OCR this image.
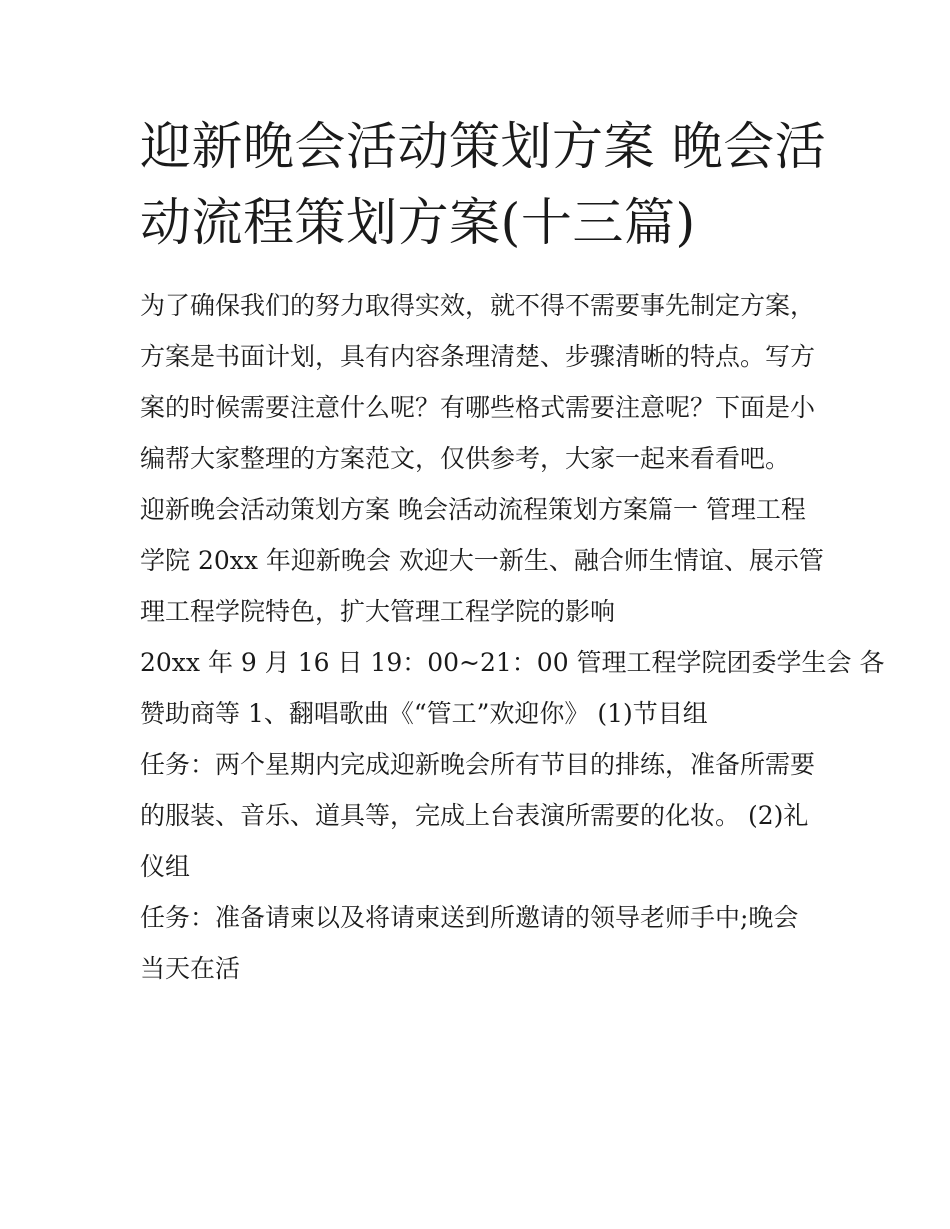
迎新晚会活动策划方案 晚会活
动流程策划方案(十三篇)
为了确保我们的努力取得实效，就不得不需要事先制定方案，
方案是书面计划，具有内容条理清楚、步骤清晰的特点。写方
案的时候需要注意什么呢？有哪些格式需要注意呢？下面是小
编帮大家整理的方案范文，仅供参考，大家一起来看看吧。
迎新晚会活动策划方案 晚会活动流程策划方案篇一 管理工程
学院 20xx 年迎新晚会 欢迎大一新生、融合师生情谊、展示管
理工程学院特色，扩大管理工程学院的影响
20xx 年 9 月 16 日 19：00~21：00 管理工程学院团委学生会 各
赞助商等 1、翻唱歌曲《“管工”欢迎你》 (1)节目组
任务：两个星期内完成迎新晚会所有节目的排练，准备所需要
的服装、音乐、道具等，完成上台表演所需要的化妆。 (2)礼
仪组
任务：准备请柬以及将请柬送到所邀请的领导老师手中;晚会
当天在活
